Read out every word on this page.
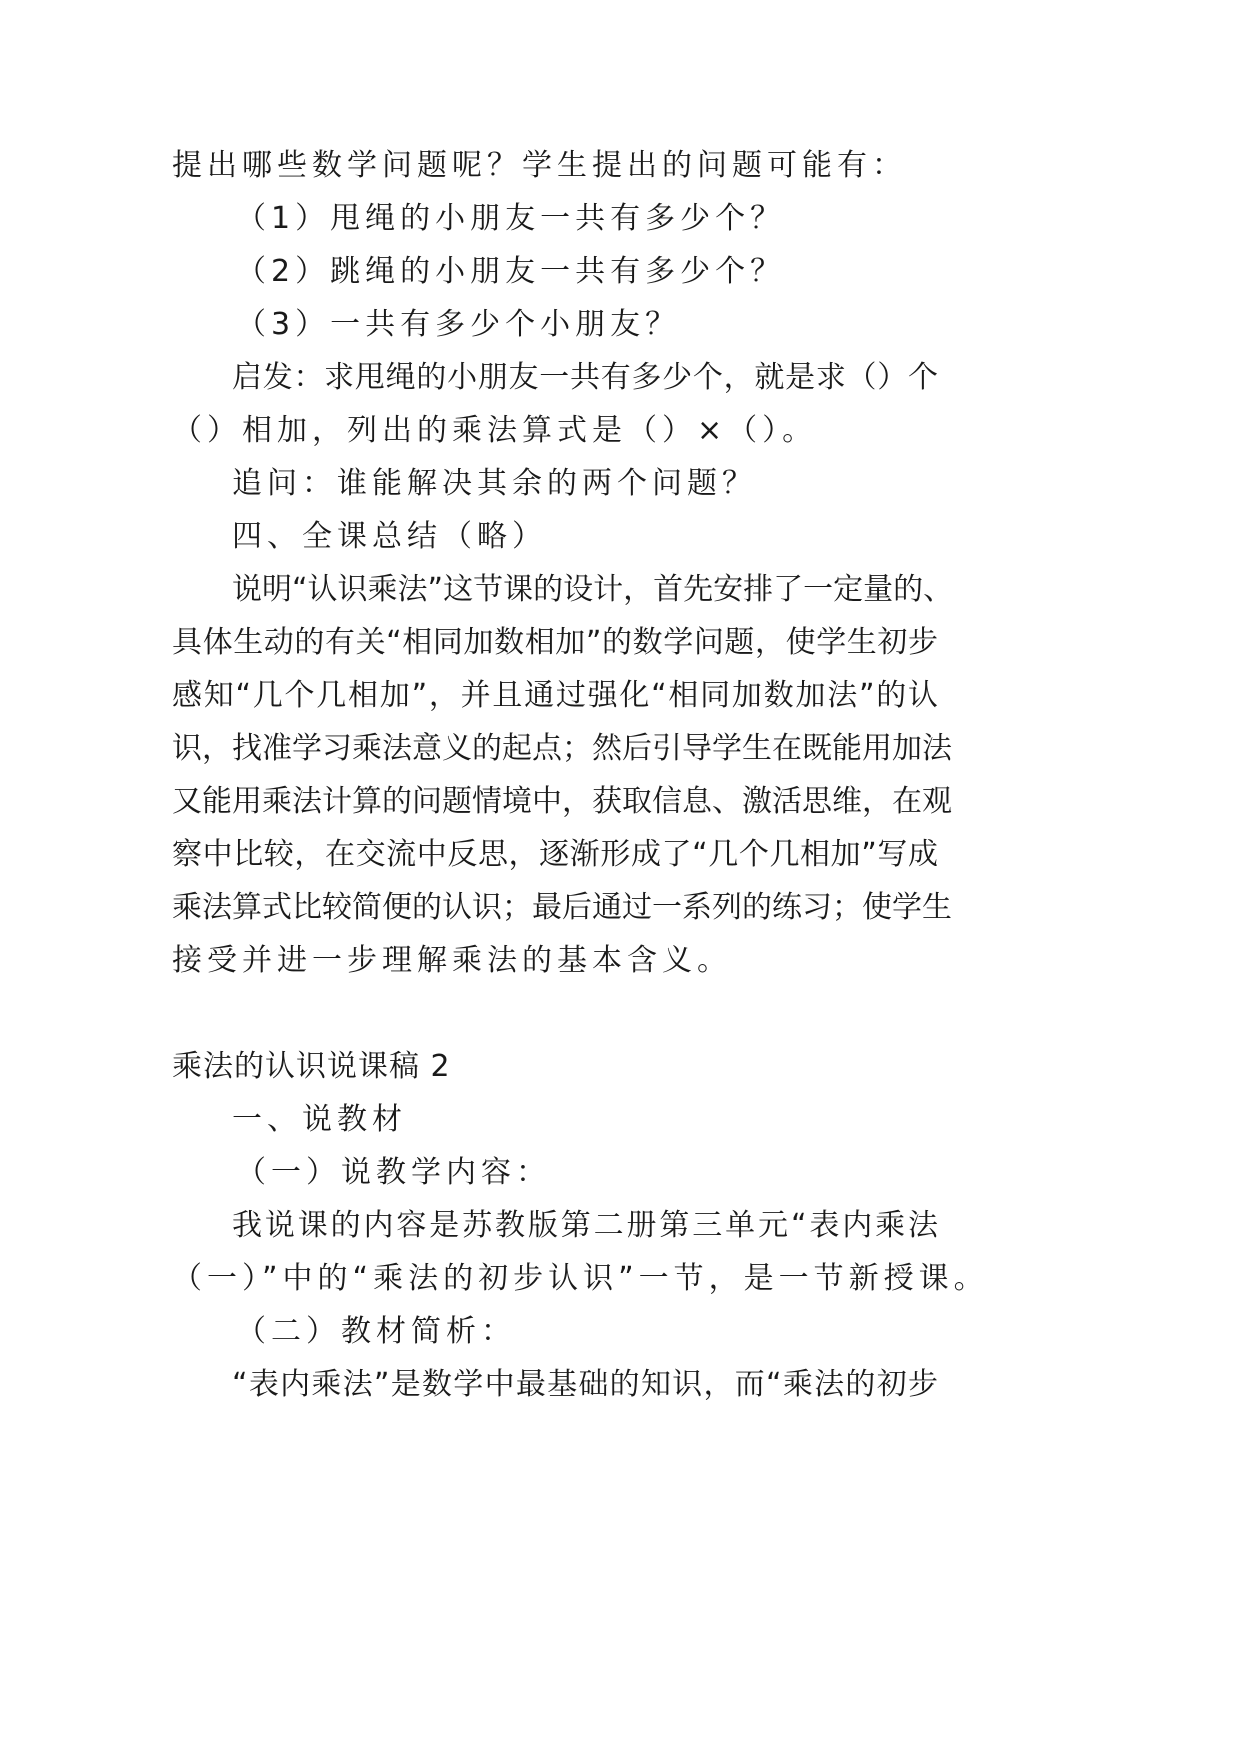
提出哪些数学问题呢？学生提出的问题可能有：
（1）甩绳的小朋友一共有多少个？
（2）跳绳的小朋友一共有多少个？
（3）一共有多少个小朋友？
启发：求甩绳的小朋友一共有多少个，就是求（）个
（）相加，列出的乘法算式是（）×（）。
追问：谁能解决其余的两个问题？
四、全课总结（略）
说明“认识乘法”这节课的设计，首先安排了一定量的、
具体生动的有关“相同加数相加”的数学问题，使学生初步
感知“几个几相加”，并且通过强化“相同加数加法”的认
识，找准学习乘法意义的起点；然后引导学生在既能用加法
又能用乘法计算的问题情境中，获取信息、激活思维，在观
察中比较，在交流中反思，逐渐形成了“几个几相加”写成
乘法算式比较简便的认识；最后通过一系列的练习；使学生
接受并进一步理解乘法的基本含义。
乘法的认识说课稿 2
一、说教材
（一）说教学内容：
我说课的内容是苏教版第二册第三单元“表内乘法
（一）”中的“乘法的初步认识”一节，是一节新授课。
（二）教材简析：
“表内乘法”是数学中最基础的知识，而“乘法的初步
